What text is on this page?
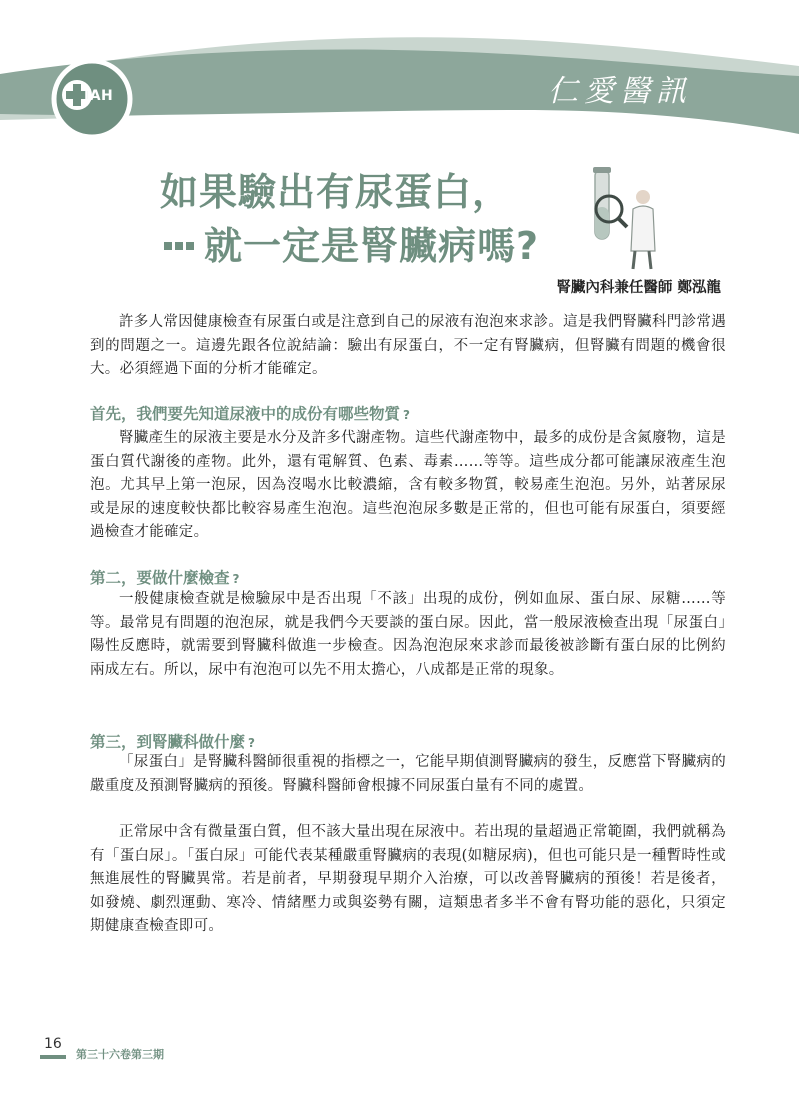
JAH	仁愛醫訊
如果驗出有尿蛋白，
就一定是腎臟病嗎?
腎臟內科兼任醫師 鄭泓龍

許多人常因健康檢查有尿蛋白或是注意到自己的尿液有泡泡來求診。這是我們腎臟科門診常遇到的問題之一。這邊先跟各位說結論：驗出有尿蛋白，不一定有腎臟病，但腎臟有問題的機會很大。必須經過下面的分析才能確定。

首先，我們要先知道尿液中的成份有哪些物質 ?

腎臟產生的尿液主要是水分及許多代謝產物。這些代謝產物中，最多的成份是含氮廢物，這是蛋白質代謝後的產物。此外，還有電解質、色素、毒素……等等。這些成分都可能讓尿液產生泡泡。尤其早上第一泡尿，因為沒喝水比較濃縮，含有較多物質，較易產生泡泡。另外，站著尿尿或是尿的速度較快都比較容易產生泡泡。這些泡泡尿多數是正常的，但也可能有尿蛋白，須要經過檢查才能確定。

第二，要做什麼檢查 ?

一般健康檢查就是檢驗尿中是否出現「不該」出現的成份，例如血尿、蛋白尿、尿糖……等等。最常見有問題的泡泡尿，就是我們今天要談的蛋白尿。因此，當一般尿液檢查出現「尿蛋白」陽性反應時，就需要到腎臟科做進一步檢查。因為泡泡尿來求診而最後被診斷有蛋白尿的比例約兩成左右。所以，尿中有泡泡可以先不用太擔心，八成都是正常的現象。

第三，到腎臟科做什麼 ?

「尿蛋白」是腎臟科醫師很重視的指標之一，它能早期偵測腎臟病的發生，反應當下腎臟病的嚴重度及預測腎臟病的預後。腎臟科醫師會根據不同尿蛋白量有不同的處置。

正常尿中含有微量蛋白質，但不該大量出現在尿液中。若出現的量超過正常範圍，我們就稱為有「蛋白尿」。「蛋白尿」可能代表某種嚴重腎臟病的表現(如糖尿病)，但也可能只是一種暫時性或無進展性的腎臟異常。若是前者，早期發現早期介入治療，可以改善腎臟病的預後！若是後者，如發燒、劇烈運動、寒冷、情緒壓力或與姿勢有關，這類患者多半不會有腎功能的惡化，只須定期健康查檢查即可。

16
第三十六卷第三期
